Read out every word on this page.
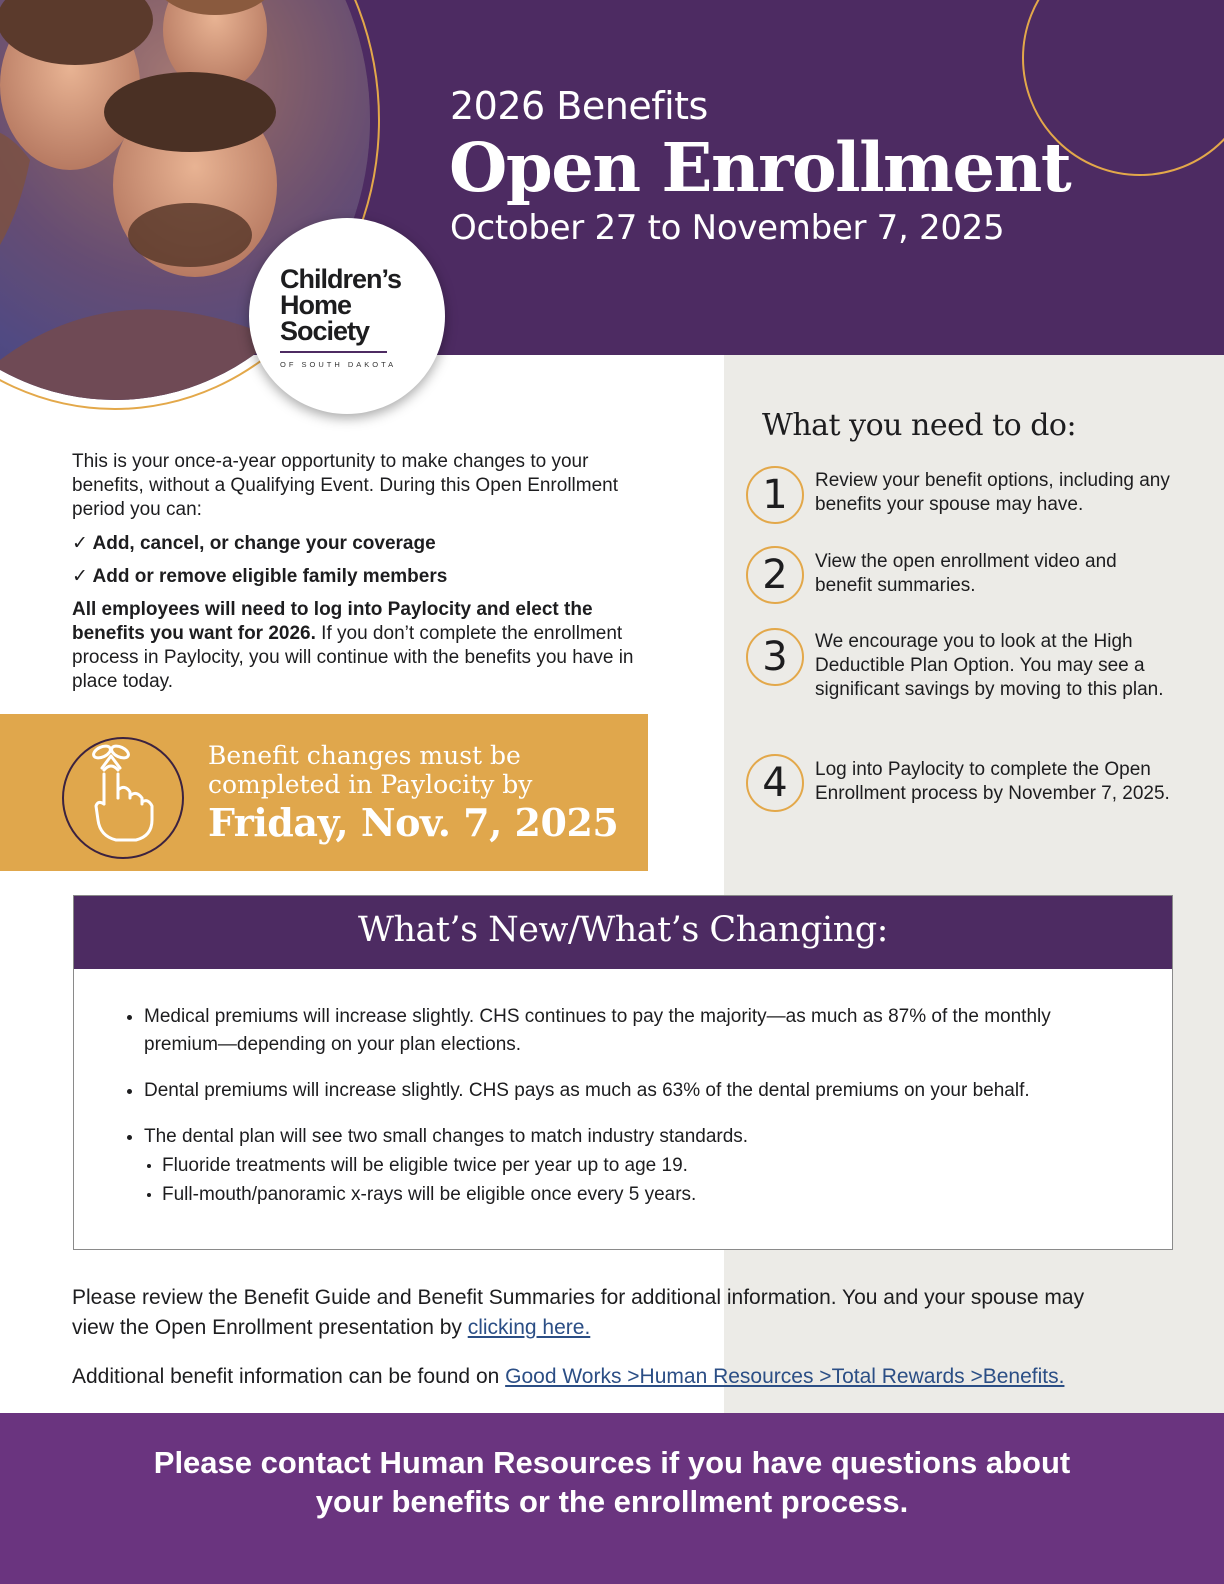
2026 Benefits
Open Enrollment
October 27 to November 7, 2025
Children’s
Home
Society
OF SOUTH DAKOTA
What you need to do:
1	Review your benefit options, including any benefits your spouse may have.
2	View the open enrollment video and benefit summaries.
3	We encourage you to look at the High Deductible Plan Option. You may see a significant savings by moving to this plan.
4	Log into Paylocity to complete the Open Enrollment process by November 7, 2025.
This is your once-a-year opportunity to make changes to your benefits, without a Qualifying Event. During this Open Enrollment period you can:
✓ Add, cancel, or change your coverage
✓ Add or remove eligible family members
All employees will need to log into Paylocity and elect the benefits you want for 2026. If you don’t complete the enrollment process in Paylocity, you will continue with the benefits you have in place today.
Benefit changes must be
completed in Paylocity by
Friday, Nov. 7, 2025
What’s New/What’s Changing:
Medical premiums will increase slightly. CHS continues to pay the majority—as much as 87% of the monthly premium—depending on your plan elections.
Dental premiums will increase slightly. CHS pays as much as 63% of the dental premiums on your behalf.
The dental plan will see two small changes to match industry standards.
Fluoride treatments will be eligible twice per year up to age 19.
Full-mouth/panoramic x-rays will be eligible once every 5 years.
Please review the Benefit Guide and Benefit Summaries for additional information. You and your spouse may view the Open Enrollment presentation by clicking here.
Additional benefit information can be found on Good Works >Human Resources >Total Rewards >Benefits.
Please contact Human Resources if you have questions about
your benefits or the enrollment process.
